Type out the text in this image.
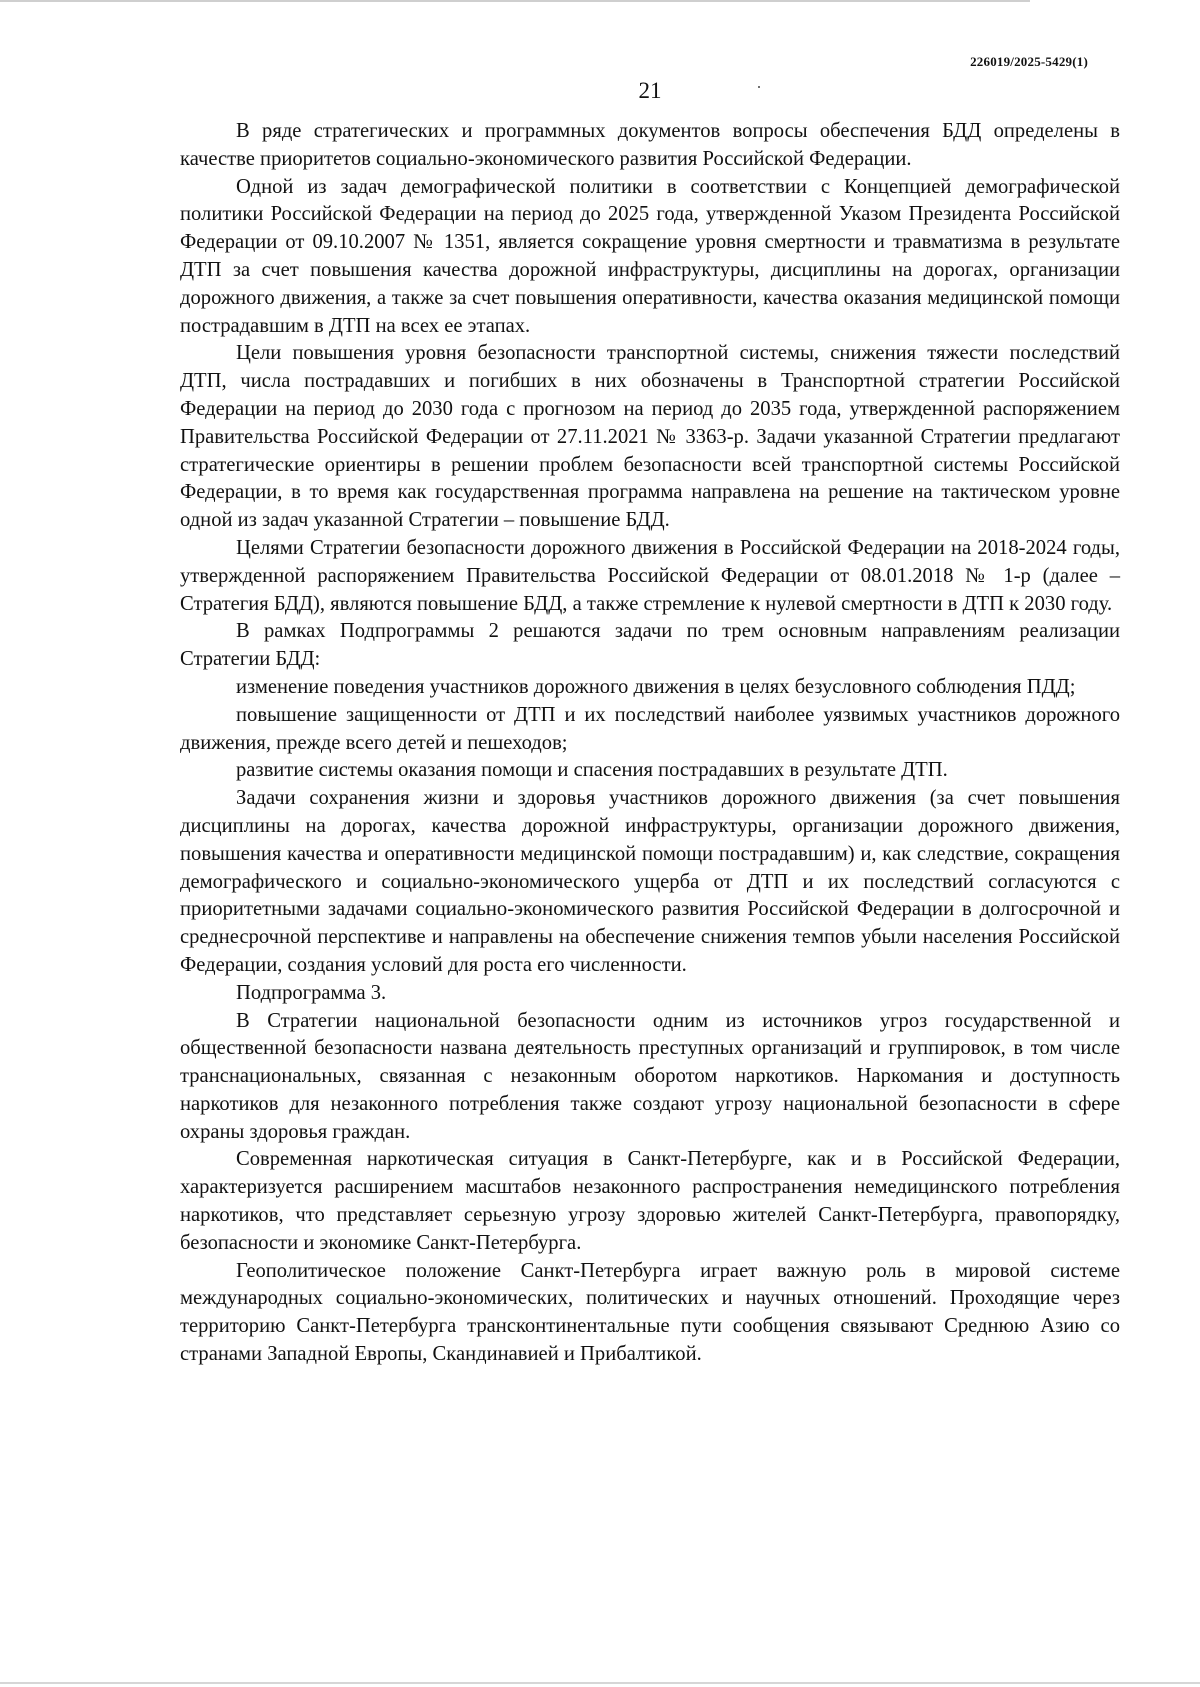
226019/2025-5429(1)
21

В ряде стратегических и программных документов вопросы обеспечения БДД определены в качестве приоритетов социально-экономического развития Российской Федерации.

Одной из задач демографической политики в соответствии с Концепцией демографической политики Российской Федерации на период до 2025 года, утвержденной Указом Президента Российской Федерации от 09.10.2007 № 1351, является сокращение уровня смертности и травматизма в результате ДТП за счет повышения качества дорожной инфраструктуры, дисциплины на дорогах, организации дорожного движения, а также за счет повышения оперативности, качества оказания медицинской помощи пострадавшим в ДТП на всех ее этапах.

Цели повышения уровня безопасности транспортной системы, снижения тяжести последствий ДТП, числа пострадавших и погибших в них обозначены в Транспортной стратегии Российской Федерации на период до 2030 года с прогнозом на период до 2035 года, утвержденной распоряжением Правительства Российской Федерации от 27.11.2021 № 3363-р. Задачи указанной Стратегии предлагают стратегические ориентиры в решении проблем безопасности всей транспортной системы Российской Федерации, в то время как государственная программа направлена на решение на тактическом уровне одной из задач указанной Стратегии – повышение БДД.

Целями Стратегии безопасности дорожного движения в Российской Федерации на 2018-2024 годы, утвержденной распоряжением Правительства Российской Федерации от 08.01.2018 № 1-р (далее – Стратегия БДД), являются повышение БДД, а также стремление к нулевой смертности в ДТП к 2030 году.

В рамках Подпрограммы 2 решаются задачи по трем основным направлениям реализации Стратегии БДД:

изменение поведения участников дорожного движения в целях безусловного соблюдения ПДД;

повышение защищенности от ДТП и их последствий наиболее уязвимых участников дорожного движения, прежде всего детей и пешеходов;

развитие системы оказания помощи и спасения пострадавших в результате ДТП.

Задачи сохранения жизни и здоровья участников дорожного движения (за счет повышения дисциплины на дорогах, качества дорожной инфраструктуры, организации дорожного движения, повышения качества и оперативности медицинской помощи пострадавшим) и, как следствие, сокращения демографического и социально-экономического ущерба от ДТП и их последствий согласуются с приоритетными задачами социально-экономического развития Российской Федерации в долгосрочной и среднесрочной перспективе и направлены на обеспечение снижения темпов убыли населения Российской Федерации, создания условий для роста его численности.

Подпрограмма 3.

В Стратегии национальной безопасности одним из источников угроз государственной и общественной безопасности названа деятельность преступных организаций и группировок, в том числе транснациональных, связанная с незаконным оборотом наркотиков. Наркомания и доступность наркотиков для незаконного потребления также создают угрозу национальной безопасности в сфере охраны здоровья граждан.

Современная наркотическая ситуация в Санкт-Петербурге, как и в Российской Федерации, характеризуется расширением масштабов незаконного распространения немедицинского потребления наркотиков, что представляет серьезную угрозу здоровью жителей Санкт-Петербурга, правопорядку, безопасности и экономике Санкт-Петербурга.

Геополитическое положение Санкт-Петербурга играет важную роль в мировой системе международных социально-экономических, политических и научных отношений. Проходящие через территорию Санкт-Петербурга трансконтинентальные пути сообщения связывают Среднюю Азию со странами Западной Европы, Скандинавией и Прибалтикой.
